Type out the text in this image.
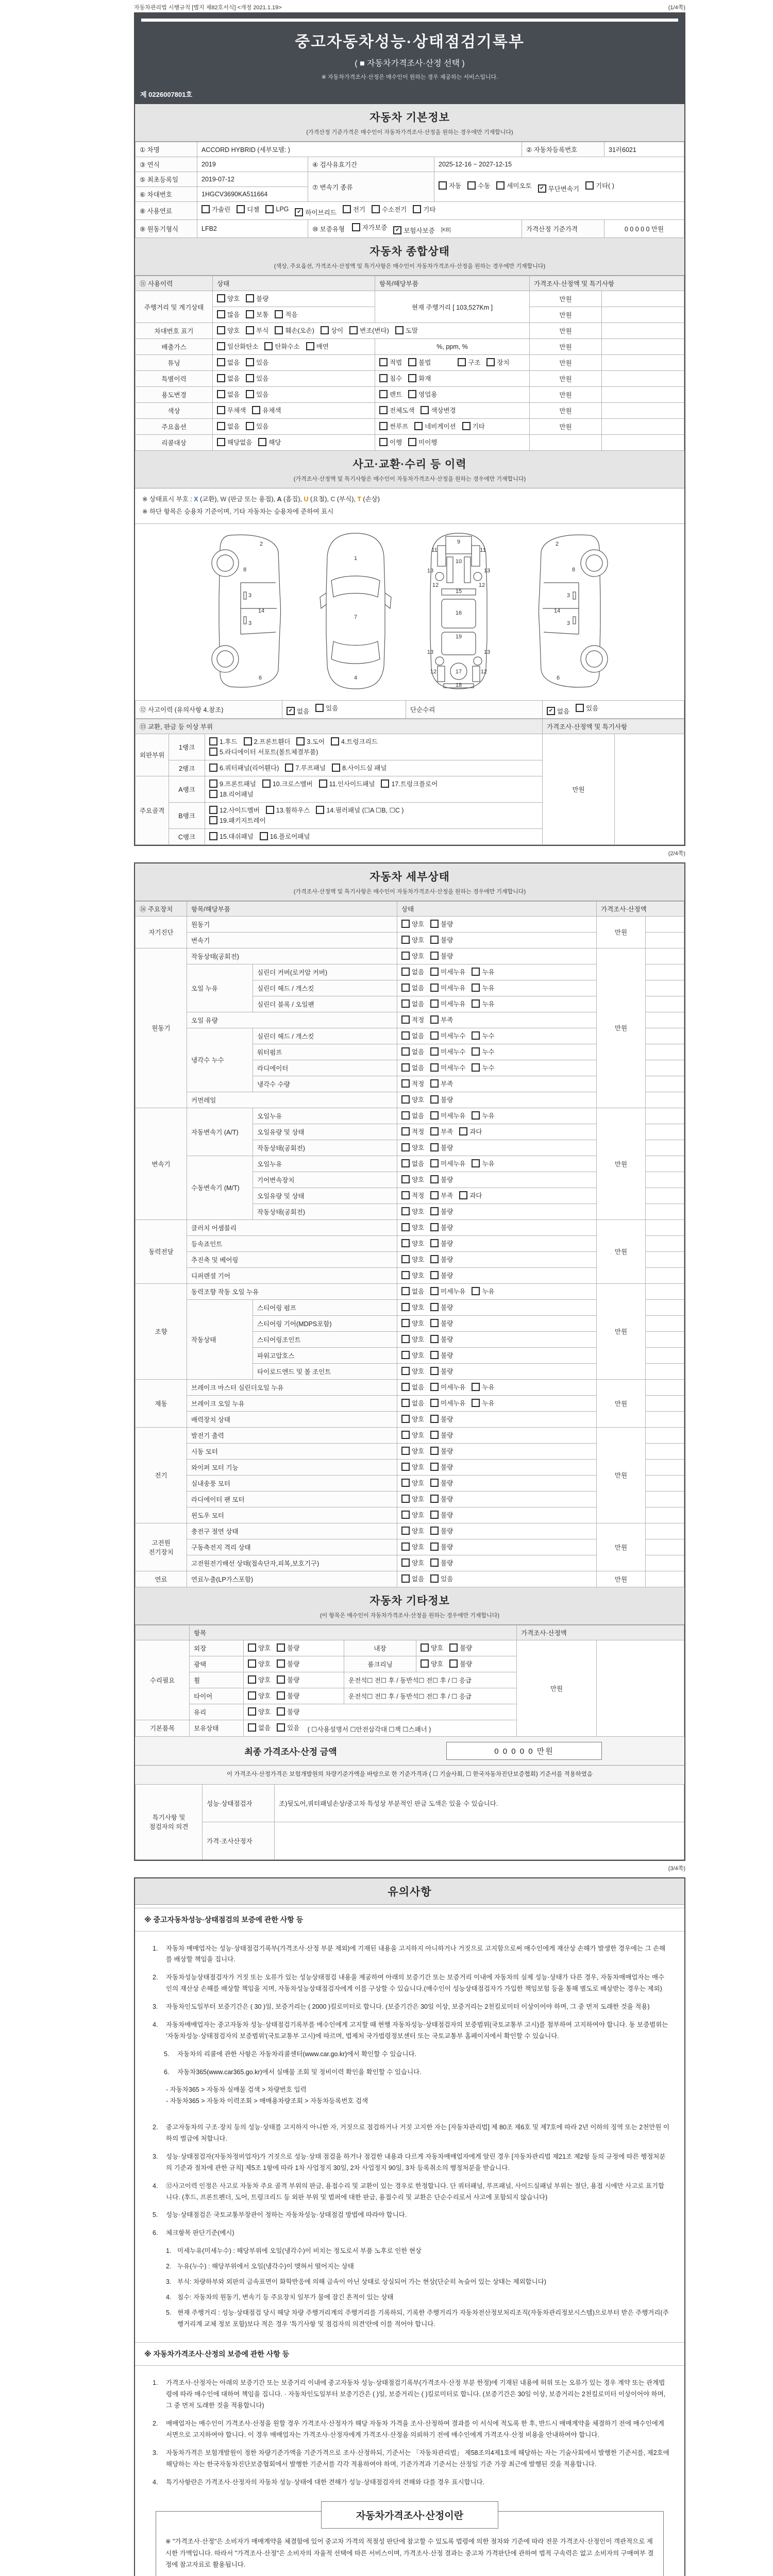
자동차관리법 시행규칙 [별지 제82호서식] <개정 2021.1.19>	(1/4쪽)
중고자동차성능·상태점검기록부
( ■ 자동차가격조사·산정 선택 )
※ 자동차가격조사·산정은 매수인이 원하는 경우 제공하는 서비스입니다.
제 0226007801호
자동차 기본정보
(가격산정 기준가격은 매수인이 자동차가격조사·산정을 원하는 경우에만 기재합니다)
① 차명	ACCORD HYBRID (세부모델: )			② 자동차등록번호	31러6021
③ 연식	2019	④ 검사유효기간	2025-12-16 ~ 2027-12-15		
⑤ 최초등록일	2019-07-12	⑦ 변속기 종류	자동	수동	세미오토	✔ 무단변속기	기타( )
⑥ 차대번호	1HGCV3690KA511664				
⑧ 사용연료	가솔린	디젤	LPG	✔ 하이브리드	전기	수소전기	기타
⑨ 원동기형식	LFB2	⑩ 보증유형 자가보증 ✔ 보험사보증 [KB]		가격산정 기준가격	0 0 0 0 0 만원
자동차 종합상태
(색상, 주요옵션, 가격조사·산정액 및 특기사항은 매수인이 자동차가격조사·산정을 원하는 경우에만 기재합니다)
⑪ 사용이력	상태	항목/해당부품	가격조사·산정액 및 특기사항	
주행거리 및 계기상태	양호 불량	현재 주행거리 [ 103,527Km ]	만원	

많음 보통 적음		만원	
차대번호 표기	양호	부식	훼손(오손)	상이	변조(변타)	도말	만원	
배출가스	일산화탄소 탄화수소 매연	%, ppm, %	만원	
튜닝	없음 있음	적법 불법 구조 장치	만원	
특별이력	없음 있음	침수 화재	만원	
용도변경	없음 있음	렌트 영업용	만원	
색상	무채색 유채색	전체도색 색상변경	만원	
주요옵션	없음 있음	썬루프 네비게이션 기타	만원	
리콜대상	해당없음 해당	이행 미이행		
사고·교환·수리 등 이력
(가격조사·산정액 및 특기사항은 매수인이 자동차가격조사·산정을 원하는 경우에만 기재합니다)
※ 상태표시 부호 : X (교환), W (판금 또는 용접), A (흠집), U (요철), C (부식), T (손상)
※ 하단 항목은 승용차 기준이며, 기타 자동차는 승용차에 준하여 표시
2
8
3
14
3
6
1
7
4
9
11	11
13	13
12	12
10
15
16
13	13
19
12	12
17
18
2
8
3
14
3
6
⑫ 사고이력 (유의사항 4.참조)	✔ 없음	있음	단순수리	✔ 없음	있음
⑬ 교환, 판금 등 이상 부위			가격조사·산정액 및 특기사항	
외판부위	1랭크	1.후드 2.프론트휀더 3.도어 4.트렁크리드

5.라디에이터 서포트(볼트체결부품)	만원	
	2랭크	6.쿼터패널(리어휀다) 7.루프패널 8.사이드실 패널		
주요골격	A랭크	9.프론트패널 10.크로스멤버 11.인사이드패널 17.트렁크플로어

18.리어패널		
	B랭크	12.사이드멤버 13.휠하우스 14.필러패널 (☐A ☐B, ☐C )

19.패키지트레이		
	C랭크	15.대쉬패널 16.플로어패널		
(2/4쪽)
자동차 세부상태
(가격조사·산정액 및 특기사항은 매수인이 자동차가격조사·산정을 원하는 경우에만 기재합니다)
⑭ 주요장치	항목/해당부품		상태	가격조사·산정액	
자기진단	원동기		양호 불량	만원	
	변속기		양호 불량		
원동기	작동상태(공회전)		양호 불량	만원	
	오일 누유	실린더 커버(로커암 커버)	없음 미세누유 누유		
		실린더 헤드 / 개스킷	없음 미세누유 누유		
		실린더 블록 / 오일팬	없음 미세누유 누유		
	오일 유량		적정 부족		
	냉각수 누수	실린더 헤드 / 개스킷	없음 미세누수 누수		
		워터펌프	없음 미세누수 누수		
		라디에이터	없음 미세누수 누수		
		냉각수 수량	적정 부족		
	커먼레일		양호 불량		
변속기	자동변속기 (A/T)	오일누유	없음 미세누유 누유	만원	
		오일유량 및 상태	적정 부족 과다		
		작동상태(공회전)	양호 불량		
	수동변속기 (M/T)	오일누유	없음 미세누유 누유		
		기어변속장치	양호 불량		
		오일유량 및 상태	적정 부족 과다		
		작동상태(공회전)	양호 불량		
동력전달	클러치 어셈블리		양호 불량	만원	
	등속죠인트		양호 불량		
	추진축 및 베어링		양호 불량		
	디퍼렌셜 기어		양호 불량		
조향	동력조향 작동 오일 누유		없음 미세누유 누유	만원	
	작동상태	스티어링 펌프	양호 불량		
		스티어링 기어(MDPS포함)	양호 불량		
		스티어링조인트	양호 불량		
		파워고압호스	양호 불량		
		타이로드엔드 및 볼 조인트	양호 불량		
제동	브레이크 마스터 실린더오일 누유		없음 미세누유 누유	만원	
	브레이크 오일 누유		없음 미세누유 누유		
	배력장치 상태		양호 불량		
전기	발전기 출력		양호 불량	만원	
	시동 모터		양호 불량		
	와이퍼 모터 기능		양호 불량		
	실내송풍 모터		양호 불량		
	라디에이터 팬 모터		양호 불량		
	윈도우 모터		양호 불량		
고전원 전기장치	충전구 절연 상태		양호 불량	만원	
	구동축전지 격리 상태		양호 불량		
	고전원전기배선 상태(접속단자,피복,보호기구)		양호 불량		
연료	연료누출(LP가스포함)		없음 있음	만원	
자동차 기타정보
(이 항목은 매수인이 자동차가격조사·산정을 원하는 경우에만 기재합니다)
	항목				가격조사·산정액	
수리필요	외장	양호 불량	내장	양호 불량	만원	
	광택	양호 불량	룸크리닝	양호 불량		
	휠	양호 불량	운전석☐ 전☐ 후 / 동반석☐ 전☐ 후 / ☐ 응급			
	타이어	양호 불량	운전석☐ 전☐ 후 / 동반석☐ 전☐ 후 / ☐ 응급			
	유리	양호 불량				
기본품목	보유상태	없음 있음 ( ☐사용설명서 ☐안전삼각대 ☐잭 ☐스패너 )				
최종 가격조사·산정 금액	0 0 0 0 0 만원
이 가격조사·산정가격은 보험개발원의 차량기준가액을 바탕으로 한 기준가격과 ( ☐ 기술사회, ☐ 한국자동차진단보증협회) 기준서를 적용하였음
특기사항 및 점검자의 의견	성능·상태점검자	조)뒷도어,쿼터패널손상/중고차 특성상 부분적인 판금 도색은 있을 수 있습니다.
	가격·조사산정자	
(3/4쪽)
유의사항
※ 중고자동차성능·상태점검의 보증에 관한 사항 등
1.	자동차 매매업자는 성능·상태점검기록부(가격조사·산정 부분 제외)에 기재된 내용을 고지하지 아니하거나 거짓으로 고지함으로써 매수인에게 재산상 손해가 발생한 경우에는 그 손해를 배상할 책임을 집니다.
2.	자동차성능상태점검자가 거짓 또는 오류가 있는 성능상태점검 내용을 제공하여 아래의 보증기간 또는 보증거리 이내에 자동차의 실제 성능·상태가 다른 경우, 자동차매매업자는 매수인의 재산상 손해를 배상할 책임을 지며, 자동차성능상태점검자에게 이를 구상할 수 있습니다.(매수인이 성능상태점검자가 가입한 책임보험 등을 통해 별도로 배상받는 경우는 제외)
3.	자동차인도일부터 보증기간은 ( 30 )일, 보증거리는 ( 2000 )킬로미터로 합니다. (보증기간은 30일 이상, 보증거리는 2천킬로미터 이상이어야 하며, 그 중 먼저 도래한 것을 적용)
4.	자동차매매업자는 중고자동차 성능·상태점검기록부를 매수인에게 고지할 때 현행 자동차성능·상태점검자의 보증범위(국토교통부 고시)를 첨부하여 고지하여야 합니다. 동 보증범위는 '자동차성능·상태점검자의 보증범위'(국토교통부 고시)에 따르며, 법제처 국가법령정보센터 또는 국토교통부 홈페이지에서 확인할 수 있습니다.
5.	자동차의 리콜에 관한 사항은 자동차리콜센터(www.car.go.kr)에서 확인할 수 있습니다.
6.	자동차365(www.car365.go.kr)에서 실매물 조회 및 정비이력 확인을 확인할 수 있습니다.
- 자동차365 > 자동차 실매물 검색 > 차량번호 입력
- 자동차365 > 자동차 이력조회 > 매매용차량조회 > 자동차등록번호 검색
2.	중고자동차의 구조·장치 등의 성능·상태를 고지하지 아니한 자, 거짓으로 점검하거나 거짓 고지한 자는 [자동차관리법] 제 80조 제6호 및 제7호에 따라 2년 이하의 징역 또는 2천만원 이하의 벌금에 처합니다.
3.	성능·상태점검자(자동차정비업자)가 거짓으로 성능·상태 점검을 하거나 점검한 내용과 다르게 자동차매매업자에게 알린 경우 [자동차관리법 제21조 제2항 등의 규정에 따른 행정처분의 기준과 절차에 관한 규칙] 제5조 1항에 따라 1차 사업정지 30일, 2차 사업정지 90일, 3차 등록취소의 행정처분을 받습니다.
4.	⑫사고이력 인정은 사고로 자동차 주요 골격 부위의 판금, 용접수리 및 교환이 있는 경우로 한정합니다. 단 쿼터패널, 루프패널, 사이드실패널 부위는 절단, 용접 시에만 사고로 표기합니다. (후드, 프론트펜더, 도어, 트렁크리드 등 외판 부위 및 범퍼에 대한 판금, 용접수리 및 교환은 단순수리로서 사고에 포함되지 않습니다)
5.	성능·상태점검은 국토교통부장관이 정하는 자동차성능·상태점검 방법에 따라야 합니다.
6.	체크항목 판단기준(예시)
1. 미세누유(미세누수) : 해당부위에 오일(냉각수)이 비치는 정도로서 부품 노후로 인한 현상
2. 누유(누수) : 해당부위에서 오일(냉각수)이 맺혀서 떨어지는 상태
3. 부식: 차량하부와 외판의 금속표면이 화학반응에 의해 금속이 아닌 상태로 상실되어 가는 현상(단순히 녹슬어 있는 상태는 제외합니다)
4. 침수: 자동차의 원동기, 변속기 등 주요장치 일부가 물에 잠긴 흔적이 있는 상태
5. 현재 주행거리 : 성능·상태점검 당시 해당 차량 주행거리계의 주행거리를 기록하되, 기록한 주행거리가 자동차전산정보처리조직(자동차관리정보시스템)으로부터 받은 주행거리(주행거리계 교체 정보 포함)보다 적은 경우 '특기사항 및 점검자의 의견'란에 이를 적어야 합니다.
※ 자동차가격조사·산정의 보증에 관한 사항 등
1.	가격조사·산정자는 아래의 보증기간 또는 보증거리 이내에 중고자동차 성능·상태점검기록부(가격조사·산정 부분 한정)에 기재된 내용에 허위 또는 오류가 있는 경우 계약 또는 관계법령에 따라 매수인에 대하여 책임을 집니다. · 자동차인도일부터 보증기간은 ( )일, 보증거리는 ( )킬로미터로 합니다. (보증기간은 30일 이상, 보증거리는 2천킬로미터 이상이어야 하며, 그 중 먼저 도래한 것을 적용합니다)
2.	매매업자는 매수인이 가격조사·산정을 원할 경우 가격조사·산정자가 해당 자동차 가격을 조사·산정하여 결과를 이 서식에 적도록 한 후, 반드시 매매계약을 체결하기 전에 매수인에게 서면으로 고지하여야 합니다. 이 경우 매매업자는 가격조사·산정자에게 가격조사·산정을 의뢰하기 전에 매수인에게 가격조사·산정 비용을 안내하여야 합니다.
3.	자동차가격은 보험개발원이 정한 차량기준가액을 기준가격으로 조사·산정하되, 기준서는 「자동차관리법」 제58조의4제1호에 해당하는 자는 기술사회에서 발행한 기준서를, 제2호에 해당하는 자는 한국자동차진단보증협회에서 발행한 기준서를 각각 적용하여야 하며, 기준가격과 기준서는 산정일 기준 가장 최근에 발행된 것을 적용합니다.
4.	특기사항란은 가격조사·산정자의 자동차 성능·상태에 대한 견해가 성능·상태점검자의 견해와 다를 경우 표시합니다.
자동차가격조사·산정이란
※ "가격조사·산정"은 소비자가 매매계약을 체결함에 있어 중고차 가격의 적절성 판단에 참고할 수 있도록 법령에 의한 절차와 기준에 따라 전문 가격조사·산정인이 객관적으로 제시한 가액입니다. 따라서 "가격조사·산정"은 소비자의 자율적 선택에 따른 서비스이며, 가격조사·산정 결과는 중고차 가격판단에 관하여 법적 구속력은 없고 소비자의 구매여부 결정에 참고자료로 활용됩니다.
